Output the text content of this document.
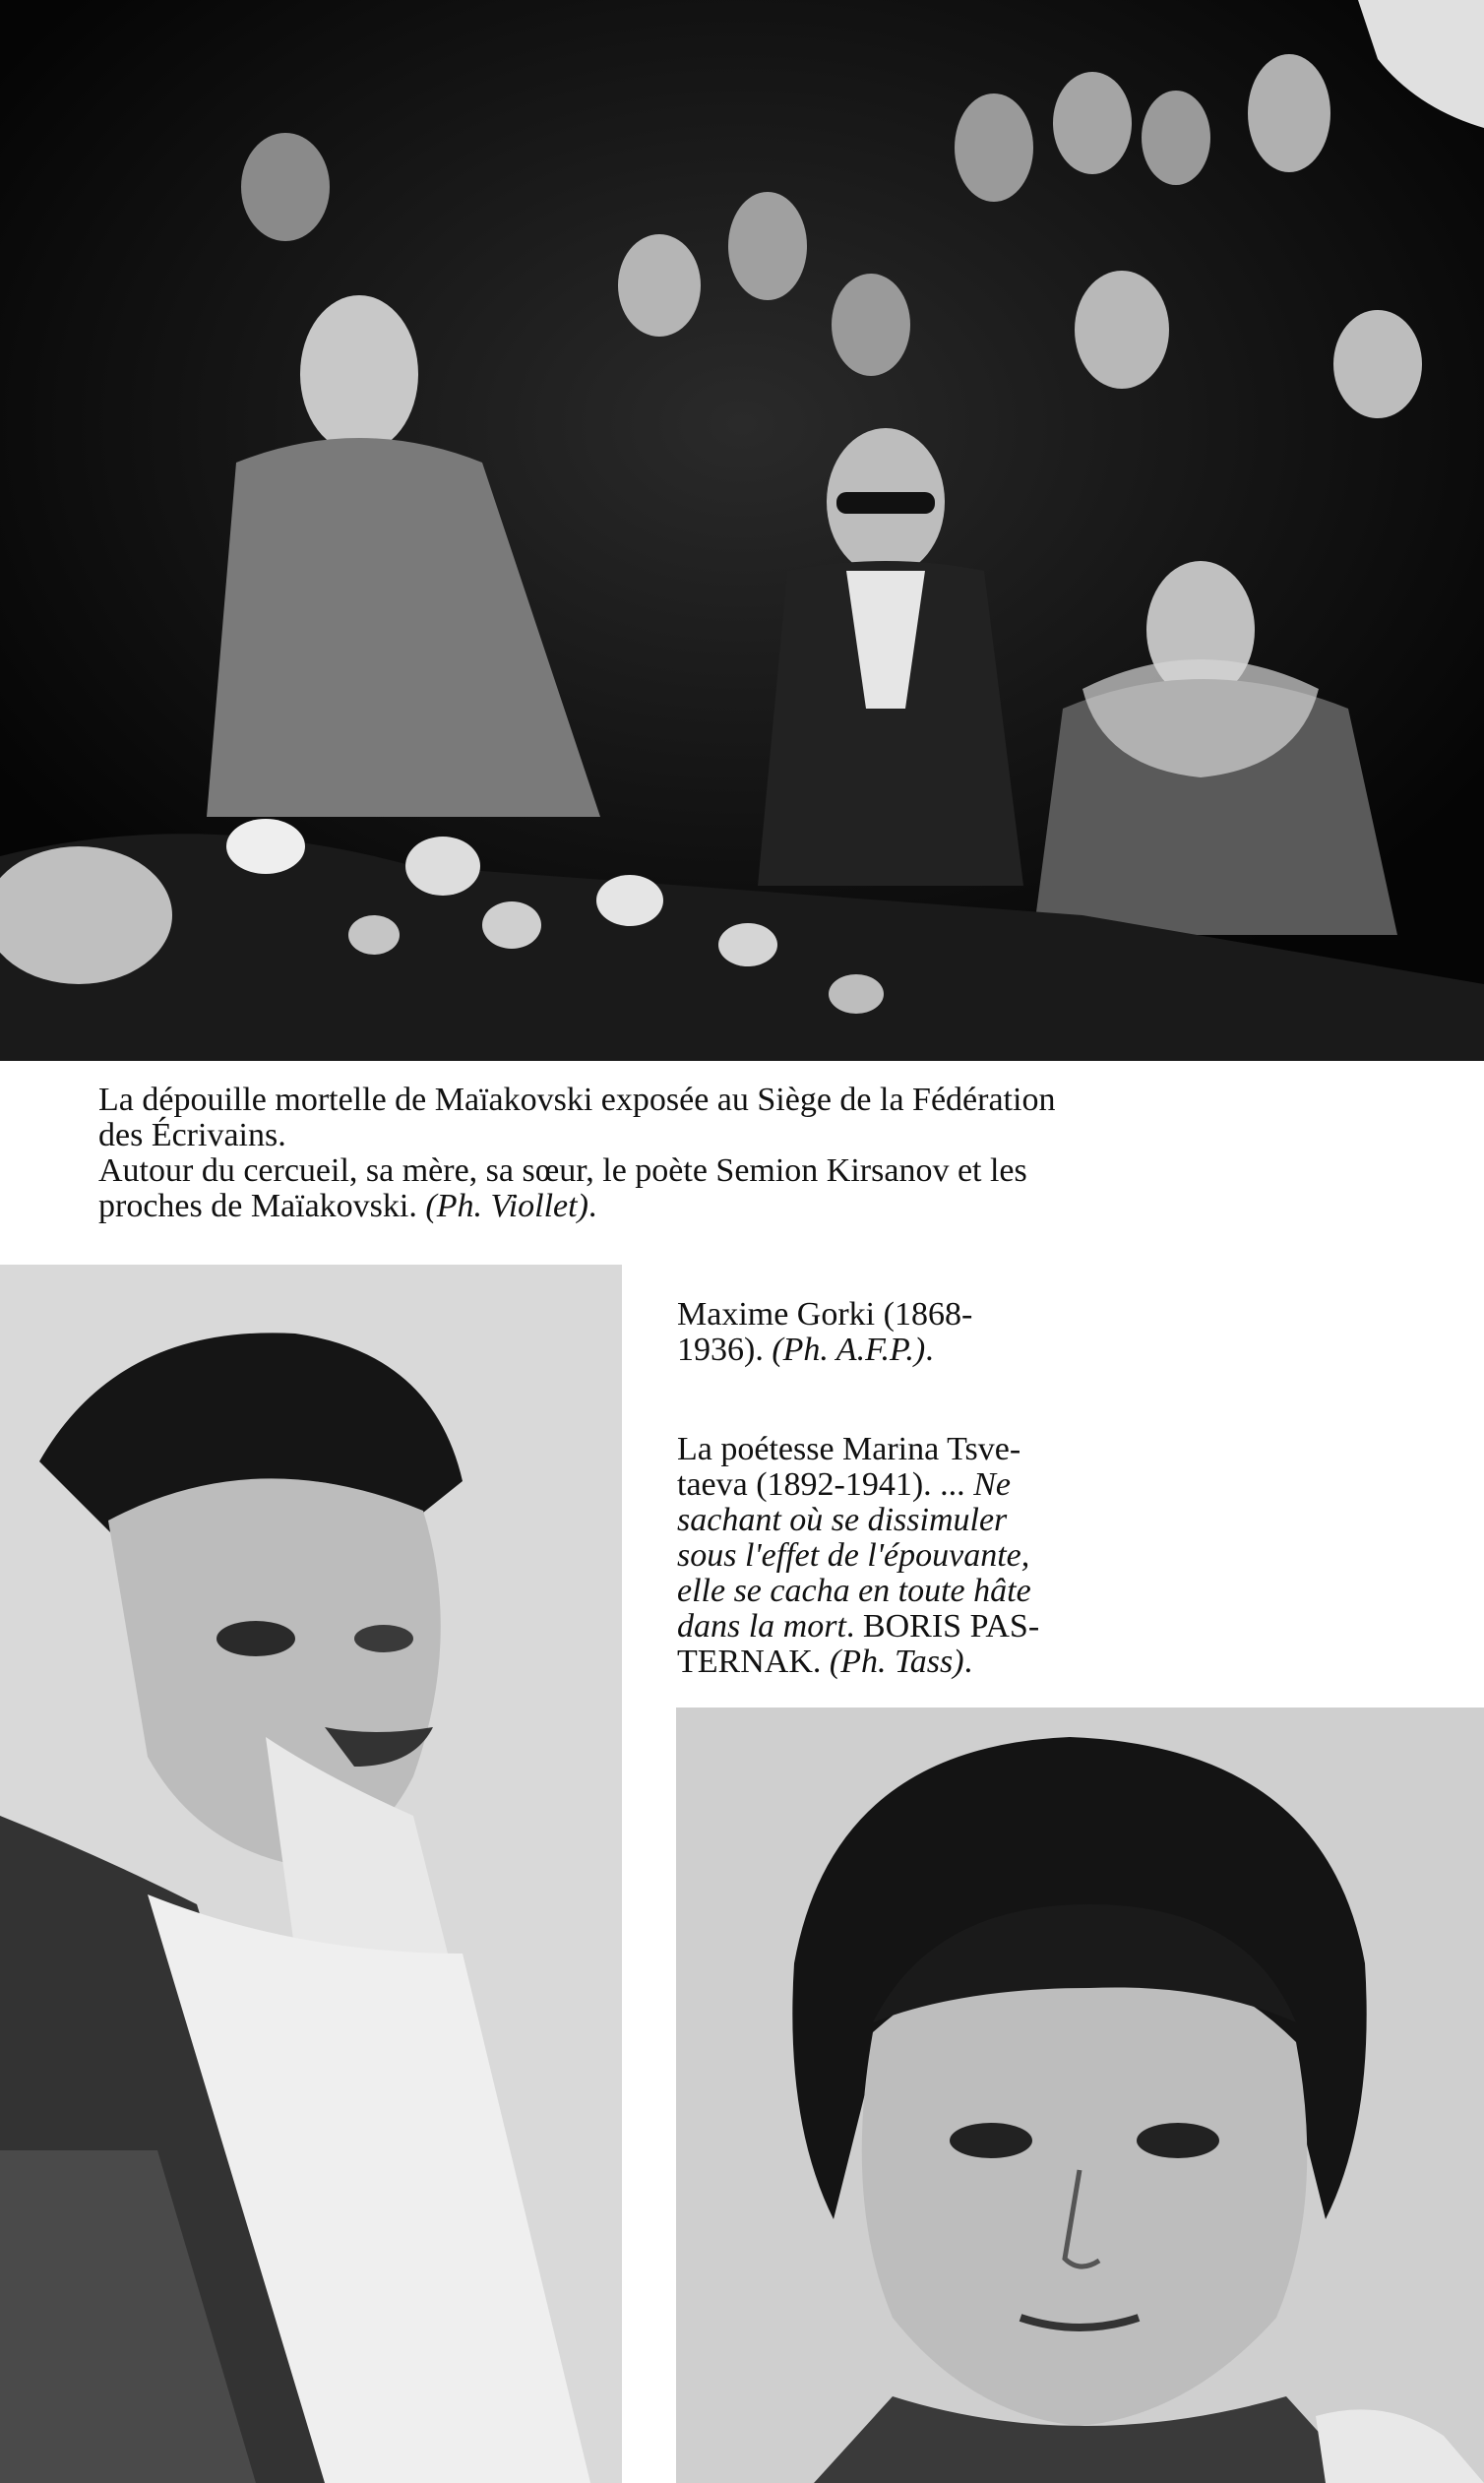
La dépouille mortelle de Maïakovski exposée au Siège de la Fédération
des Écrivains.
Autour du cercueil, sa mère, sa sœur, le poète Semion Kirsanov et les
proches de Maïakovski. (Ph. Viollet).
Maxime Gorki (1868-
1936). (Ph. A.F.P.).
La poétesse Marina Tsve-
taeva (1892-1941). ... Ne
sachant où se dissimuler
sous l'effet de l'épouvante,
elle se cacha en toute hâte
dans la mort. BORIS PAS-
TERNAK. (Ph. Tass).
